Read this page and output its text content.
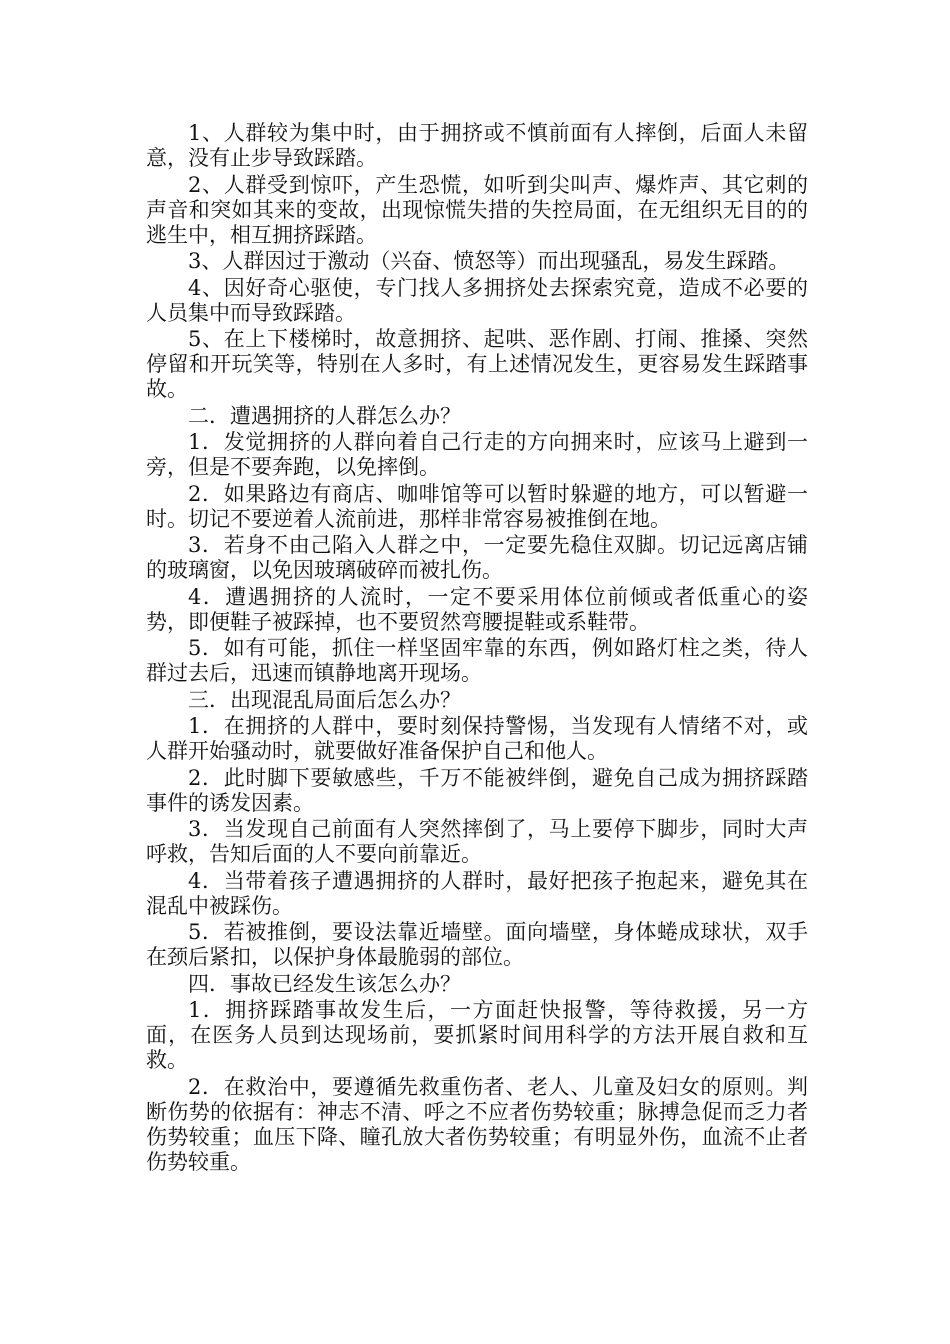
1、人群较为集中时，由于拥挤或不慎前面有人摔倒，后面人未留意，没有止步导致踩踏。

2、人群受到惊吓，产生恐慌，如听到尖叫声、爆炸声、其它刺的声音和突如其来的变故，出现惊慌失措的失控局面，在无组织无目的的逃生中，相互拥挤踩踏。

3、人群因过于激动（兴奋、愤怒等）而出现骚乱，易发生踩踏。

4、因好奇心驱使，专门找人多拥挤处去探索究竟，造成不必要的人员集中而导致踩踏。

5、在上下楼梯时，故意拥挤、起哄、恶作剧、打闹、推搡、突然停留和开玩笑等，特别在人多时，有上述情况发生，更容易发生踩踏事故。

二．遭遇拥挤的人群怎么办？

1．发觉拥挤的人群向着自己行走的方向拥来时，应该马上避到一旁，但是不要奔跑，以免摔倒。

2．如果路边有商店、咖啡馆等可以暂时躲避的地方，可以暂避一时。切记不要逆着人流前进，那样非常容易被推倒在地。

3．若身不由己陷入人群之中，一定要先稳住双脚。切记远离店铺的玻璃窗，以免因玻璃破碎而被扎伤。

4．遭遇拥挤的人流时，一定不要采用体位前倾或者低重心的姿势，即便鞋子被踩掉，也不要贸然弯腰提鞋或系鞋带。

5．如有可能，抓住一样坚固牢靠的东西，例如路灯柱之类，待人群过去后，迅速而镇静地离开现场。

三．出现混乱局面后怎么办？

1．在拥挤的人群中，要时刻保持警惕，当发现有人情绪不对，或人群开始骚动时，就要做好准备保护自己和他人。

2．此时脚下要敏感些，千万不能被绊倒，避免自己成为拥挤踩踏事件的诱发因素。

3．当发现自己前面有人突然摔倒了，马上要停下脚步，同时大声呼救，告知后面的人不要向前靠近。

4．当带着孩子遭遇拥挤的人群时，最好把孩子抱起来，避免其在混乱中被踩伤。

5．若被推倒，要设法靠近墙壁。面向墙壁，身体蜷成球状，双手在颈后紧扣，以保护身体最脆弱的部位。

四．事故已经发生该怎么办？

1．拥挤踩踏事故发生后，一方面赶快报警，等待救援，另一方面，在医务人员到达现场前，要抓紧时间用科学的方法开展自救和互救。

2．在救治中，要遵循先救重伤者、老人、儿童及妇女的原则。判断伤势的依据有：神志不清、呼之不应者伤势较重；脉搏急促而乏力者伤势较重；血压下降、瞳孔放大者伤势较重；有明显外伤，血流不止者伤势较重。
